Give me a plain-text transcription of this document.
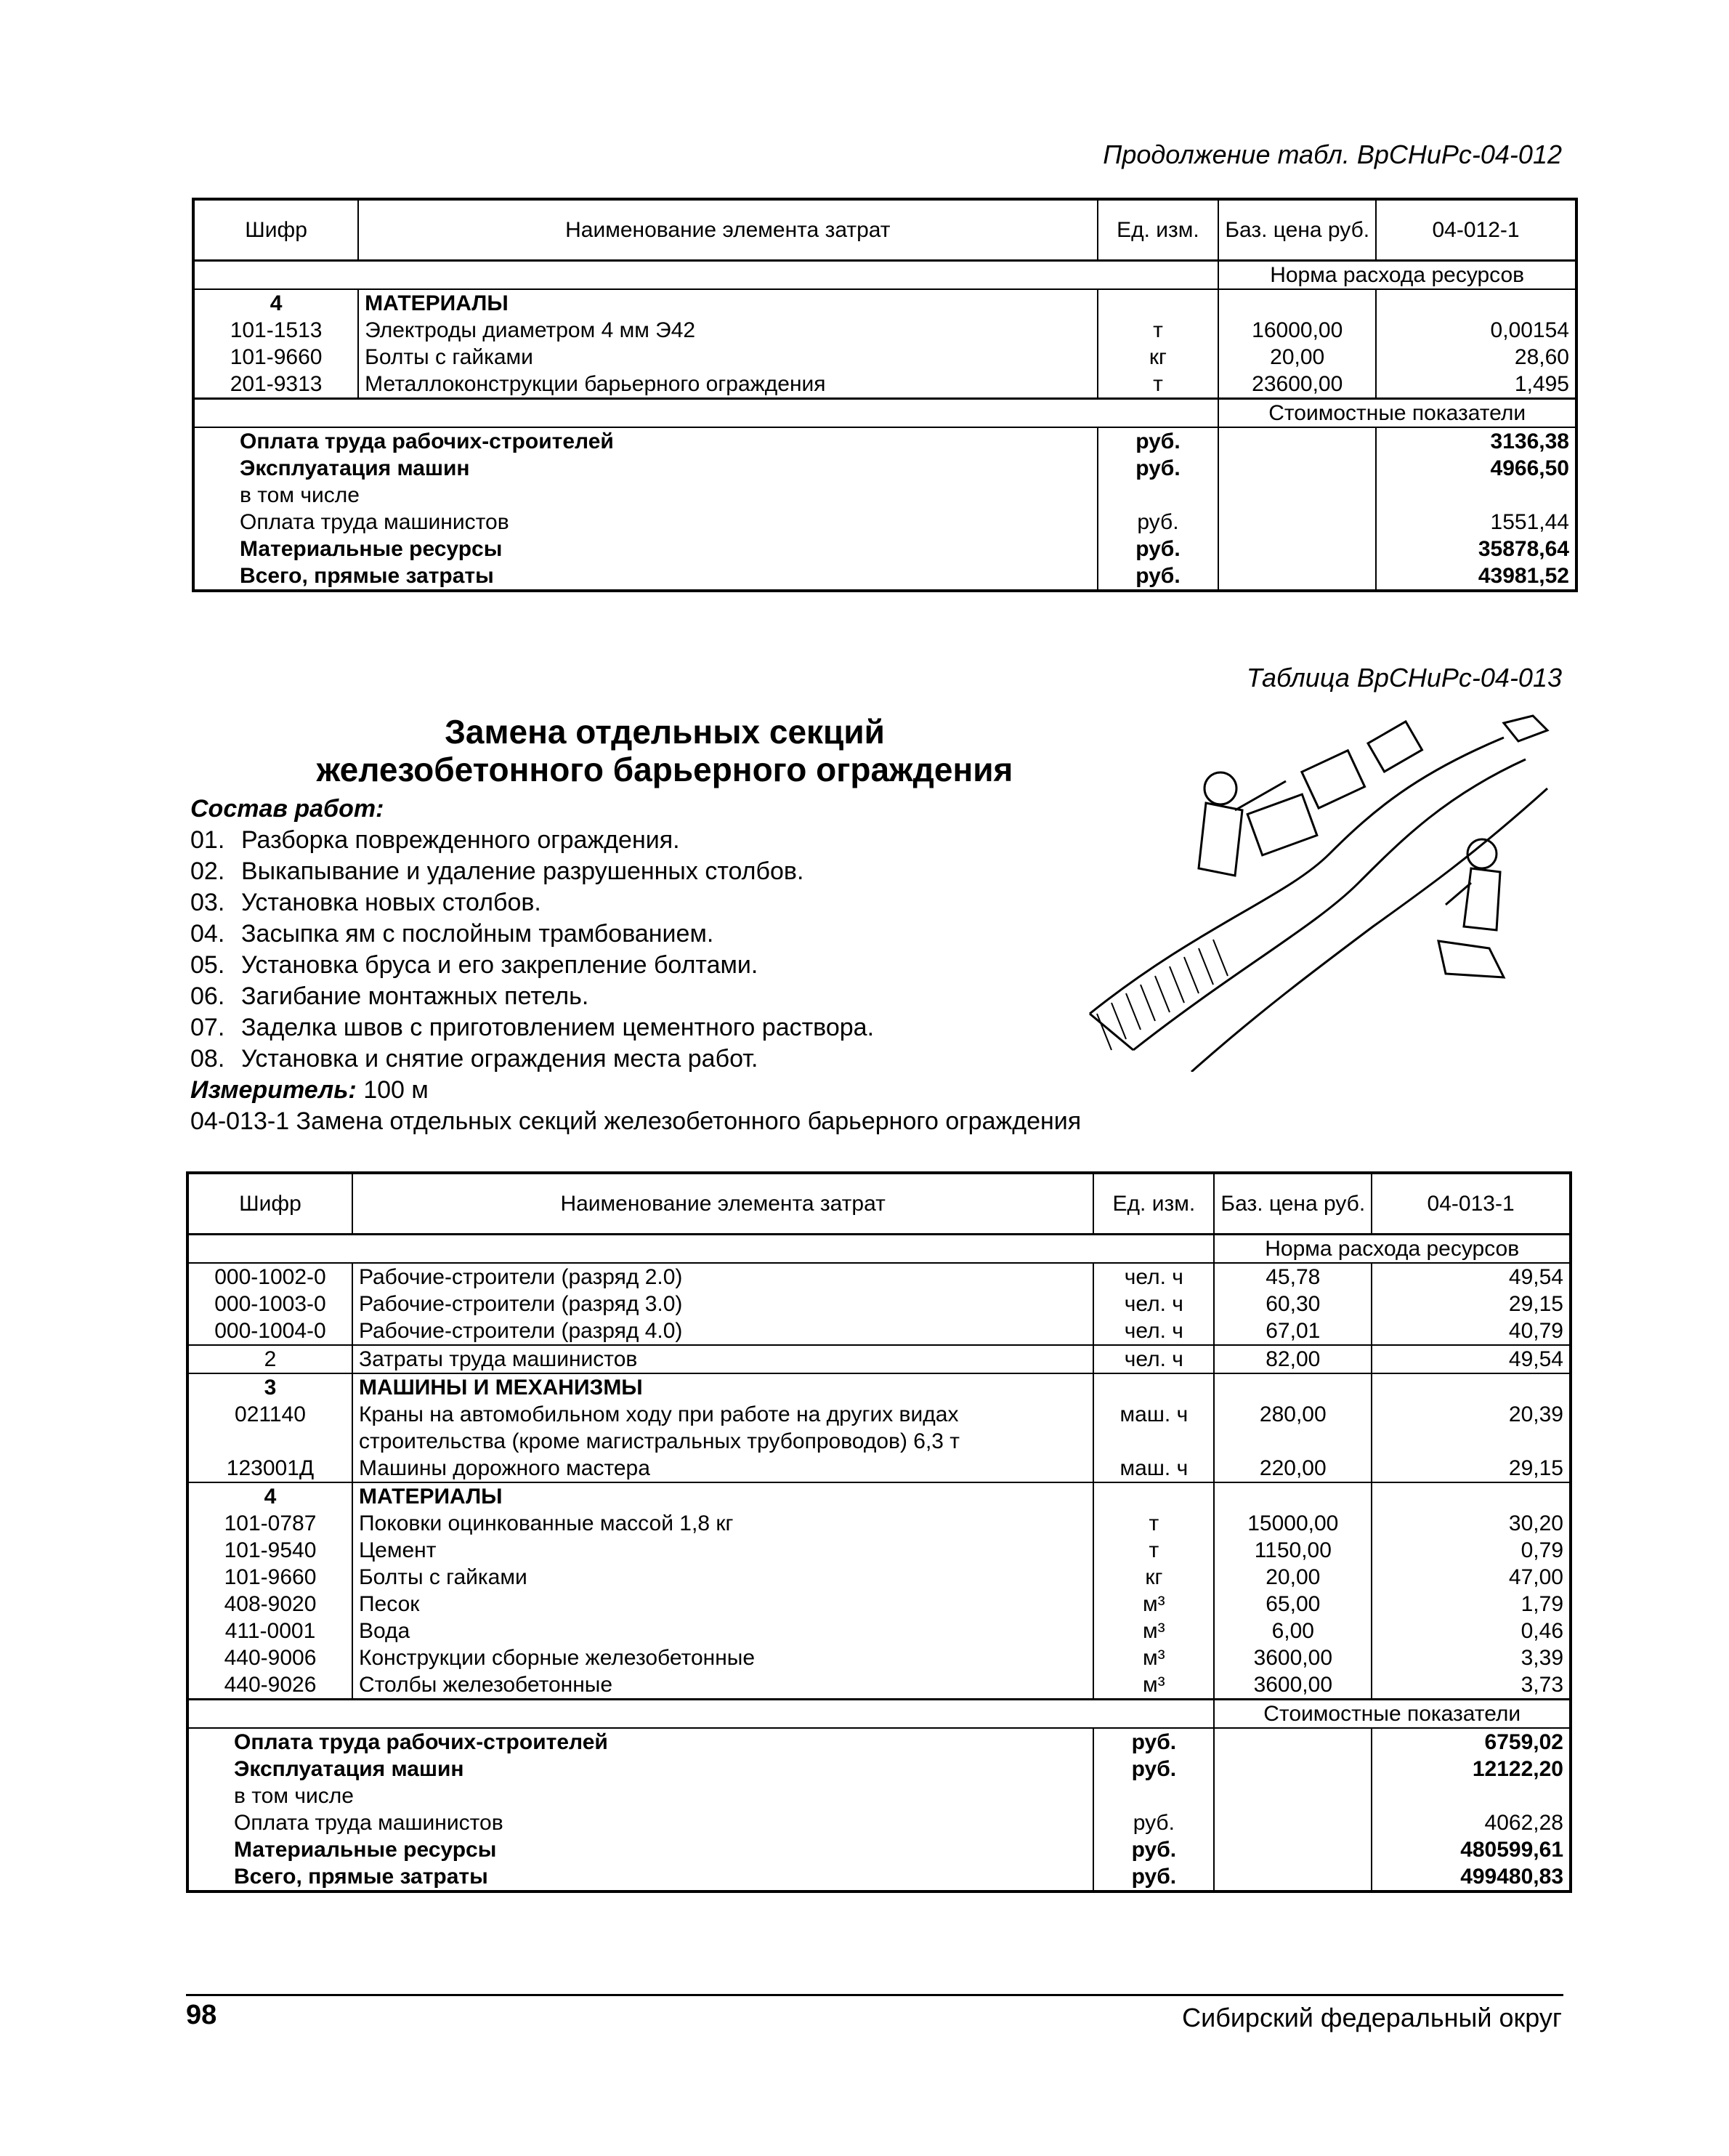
Продолжение табл. ВрСНиРс-04-012
Шифр	Наименование элемента затрат	Ед. изм.	Баз. цена руб.	04-012-1
			Норма расхода ресурсов	
4	МАТЕРИАЛЫ			
101-1513	Электроды диаметром 4 мм Э42	т	16000,00	0,00154
101-9660	Болты с гайками	кг	20,00	28,60
201-9313	Металлоконструкции барьерного ограждения	т	23600,00	1,495
			Стоимостные показатели	
Оплата труда рабочих-строителей		руб.		3136,38
Эксплуатация машин		руб.		4966,50
в том числе				
Оплата труда машинистов		руб.		1551,44
Материальные ресурсы		руб.		35878,64
Всего, прямые затраты		руб.		43981,52
Таблица ВрСНиРс-04-013
Замена отдельных секций
железобетонного барьерного ограждения
Состав работ:
01. Разборка поврежденного ограждения.
02. Выкапывание и удаление разрушенных столбов.
03. Установка новых столбов.
04. Засыпка ям с послойным трамбованием.
05. Установка бруса и его закрепление болтами.
06. Загибание монтажных петель.
07. Заделка швов с приготовлением цементного раствора.
08. Установка и снятие ограждения места работ.
Измеритель: 100 м
04-013-1 Замена отдельных секций железобетонного барьерного ограждения
Шифр	Наименование элемента затрат	Ед. изм.	Баз. цена руб.	04-013-1
			Норма расхода ресурсов	
000-1002-0	Рабочие-строители (разряд 2.0)	чел. ч	45,78	49,54
000-1003-0	Рабочие-строители (разряд 3.0)	чел. ч	60,30	29,15
000-1004-0	Рабочие-строители (разряд 4.0)	чел. ч	67,01	40,79
2	Затраты труда машинистов	чел. ч	82,00	49,54
3	МАШИНЫ И МЕХАНИЗМЫ			
021140	Краны на автомобильном ходу при работе на других видах	маш. ч	280,00	20,39
	строительства (кроме магистральных трубопроводов) 6,3 т			
123001Д	Машины дорожного мастера	маш. ч	220,00	29,15
4	МАТЕРИАЛЫ			
101-0787	Поковки оцинкованные массой 1,8 кг	т	15000,00	30,20
101-9540	Цемент	т	1150,00	0,79
101-9660	Болты с гайками	кг	20,00	47,00
408-9020	Песок	м³	65,00	1,79
411-0001	Вода	м³	6,00	0,46
440-9006	Конструкции сборные железобетонные	м³	3600,00	3,39
440-9026	Столбы железобетонные	м³	3600,00	3,73
			Стоимостные показатели	
Оплата труда рабочих-строителей		руб.		6759,02
Эксплуатация машин		руб.		12122,20
в том числе				
Оплата труда машинистов		руб.		4062,28
Материальные ресурсы		руб.		480599,61
Всего, прямые затраты		руб.		499480,83
98	Сибирский федеральный округ
